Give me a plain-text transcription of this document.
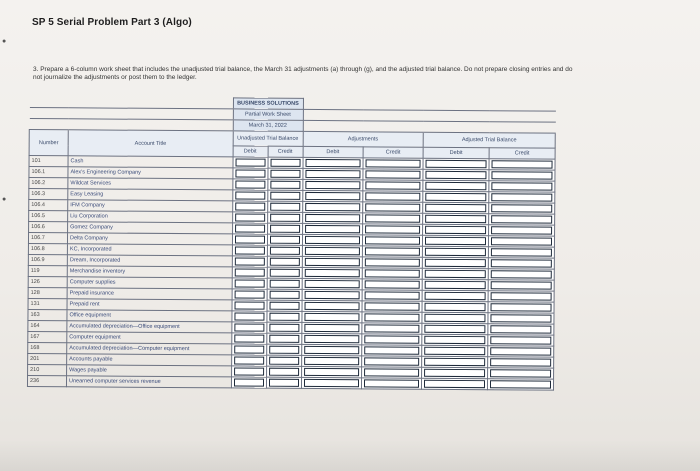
●
●
SP 5 Serial Problem Part 3 (Algo)
3. Prepare a 6-column work sheet that includes the unadjusted trial balance, the March 31 adjustments (a) through (g), and the adjusted trial balance. Do not prepare closing entries and do not journalize the adjustments or post them to the ledger.
		BUSINESS SOLUTIONS					
		Partial Work Sheet					
		March 31, 2022					
Number	Account Title	Unadjusted Trial Balance		Adjustments		Adjusted Trial Balance	
		Debit	Credit	Debit	Credit	Debit	Credit
101	Cash	

106.1	Alex's Engineering Company	

106.2	Wildcat Services	

106.3	Easy Leasing	

106.4	IFM Company	

106.5	Liu Corporation	

106.6	Gomez Company	

106.7	Delta Company	

106.8	KC, Incorporated	

106.9	Dream, Incorporated	

119	Merchandise inventory	

126	Computer supplies	

128	Prepaid insurance	

131	Prepaid rent	

163	Office equipment	

164	Accumulated depreciation—Office equipment	

167	Computer equipment	

168	Accumulated depreciation—Computer equipment	

201	Accounts payable	

210	Wages payable	

236	Unearned computer services revenue	
